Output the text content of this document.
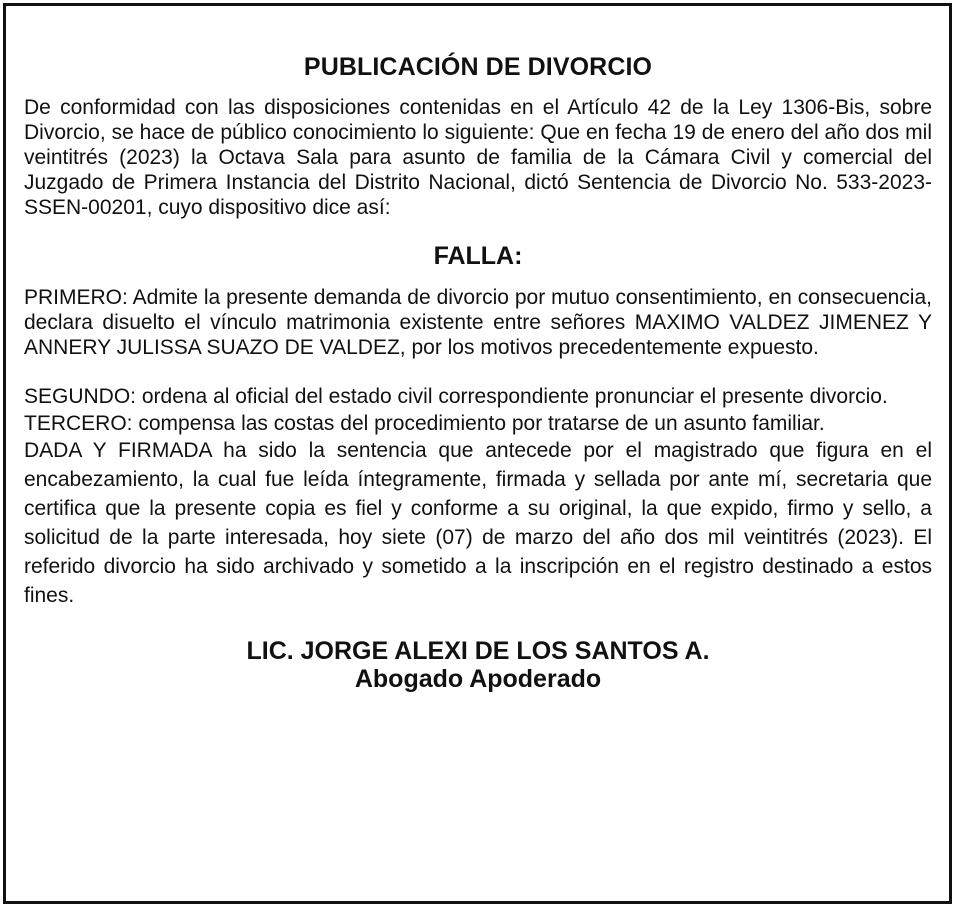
PUBLICACIÓN DE DIVORCIO

De conformidad con las disposiciones contenidas en el Artículo 42 de la Ley 1306-Bis, sobre Divorcio, se hace de público conocimiento lo siguiente: Que en fecha 19 de enero del año dos mil veintitrés (2023) la Octava Sala para asunto de familia de la Cámara Civil y comercial del Juzgado de Primera Instancia del Distrito Nacional, dictó Sentencia de Divorcio No. 533-2023-SSEN-00201, cuyo dispositivo dice así:

FALLA:

PRIMERO: Admite la presente demanda de divorcio por mutuo consentimiento, en consecuencia, declara disuelto el vínculo matrimonia existente entre señores MAXIMO VALDEZ JIMENEZ Y ANNERY JULISSA SUAZO DE VALDEZ, por los motivos precedentemente expuesto.

SEGUNDO: ordena al oficial del estado civil correspondiente pronunciar el presente divorcio.

TERCERO: compensa las costas del procedimiento por tratarse de un asunto familiar.

DADA Y FIRMADA ha sido la sentencia que antecede por el magistrado que figura en el encabezamiento, la cual fue leída íntegramente, firmada y sellada por ante mí, secretaria que certifica que la presente copia es fiel y conforme a su original, la que expido, firmo y sello, a solicitud de la parte interesada, hoy siete (07) de marzo del año dos mil veintitrés (2023). El referido divorcio ha sido archivado y sometido a la inscripción en el registro destinado a estos fines.

LIC. JORGE ALEXI DE LOS SANTOS A.
Abogado Apoderado
